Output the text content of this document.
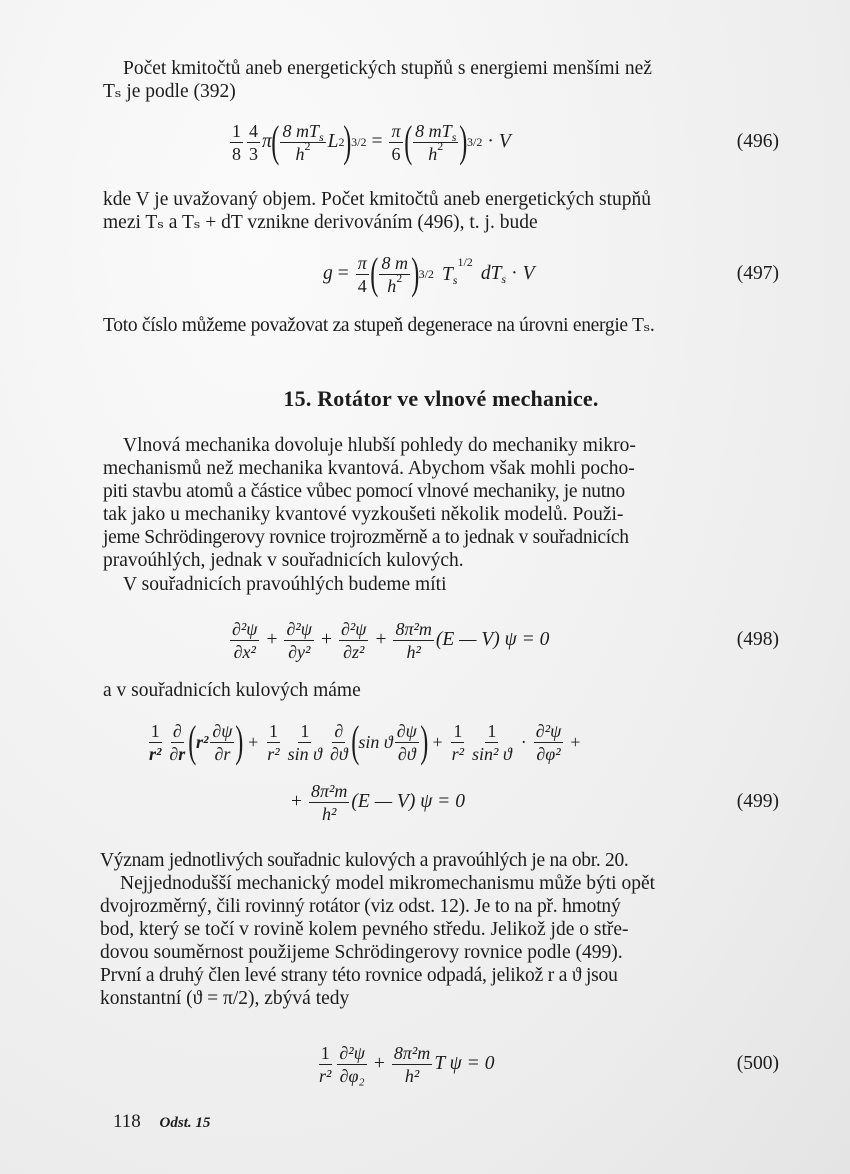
Počet kmitočtů aneb energetických stupňů s energiemi menšími než
Tₛ je podle (392)
$\frac{1}{8} \frac{4}{3}$ π ( $\frac{8 mT_s}{h^2}$ L 2 ) $3/2 = \frac{\pi}{6}$ ( $\frac{8 mT_s}{h^2}$ ) 3/2 · V	(496)
kde V je uvažovaný objem. Počet kmitočtů aneb energetických stupňů
mezi Tₛ a Tₛ + dT vznikne derivováním (496), t. j. bude
$g = \frac{\pi}{4}$ ( $\frac{8 m}{h^2}$ ) 3/2 $T_s^{1/2}$
$dT_s \cdot V$	(497)
Toto číslo můžeme považovat za stupeň degenerace na úrovni energie Tₛ.
15. Rotátor ve vlnové mechanice.
Vlnová mechanika dovoluje hlubší pohledy do mechaniky mikro-
mechanismů než mechanika kvantová. Abychom však mohli pocho-
piti stavbu atomů a částice vůbec pomocí vlnové mechaniky, je nutno
tak jako u mechaniky kvantové vyzkoušeti několik modelů. Použi-
jeme Schrödingerovy rovnice trojrozměrně a to jednak v souřadnicích
pravoúhlých, jednak v souřadnicích kulových.
V souřadnicích pravoúhlých budeme míti
$\frac{\text{∂²ψ}}{\text{∂x²}} + \frac{\text{∂²ψ}}{\text{∂y²}} + \frac{\text{∂²ψ}}{\text{∂z²}} + \frac{\text{8π²m}}{\text{h²}} (E$ — V) ψ = 0	(498)
a v souřadnicích kulových máme
$\frac{1}{\text{r²}} \frac{\partial}{\partial r}$ ( $r^2 \frac{\partial\psi}{\partial r}$ ) + $\frac{1}{\text{r²}} \frac{1}{\text{sin ϑ}} \frac{\partial}{\partial ϑ}$ ( sin ϑ $\frac{\partial\psi}{\partial ϑ}$ ) + $\frac{1}{\text{r²}} \frac{1}{\text{sin² ϑ}} \cdot \frac{\text{∂²ψ}}{\text{∂φ²}}$ +
+ $\frac{\text{8π²m}}{\text{h²}} (E$ — V) ψ = 0	(499)
Význam jednotlivých souřadnic kulových a pravoúhlých je na obr. 20.
Nejjednodušší mechanický model mikromechanismu může býti opět
dvojrozměrný, čili rovinný rotátor (viz odst. 12). Je to na př. hmotný
bod, který se točí v rovině kolem pevného středu. Jelikož jde o stře-
dovou souměrnost použijeme Schrödingerovy rovnice podle (499).
První a druhý člen levé strany této rovnice odpadá, jelikož r a ϑ jsou
konstantní (ϑ = π/2), zbývá tedy
$\frac{1}{\text{r²}} \frac{\text{∂²ψ}}{\text{∂φ₂}} + \frac{\text{8π²m}}{\text{h²}}$ T ψ = 0	(500)
118 Odst. 15
